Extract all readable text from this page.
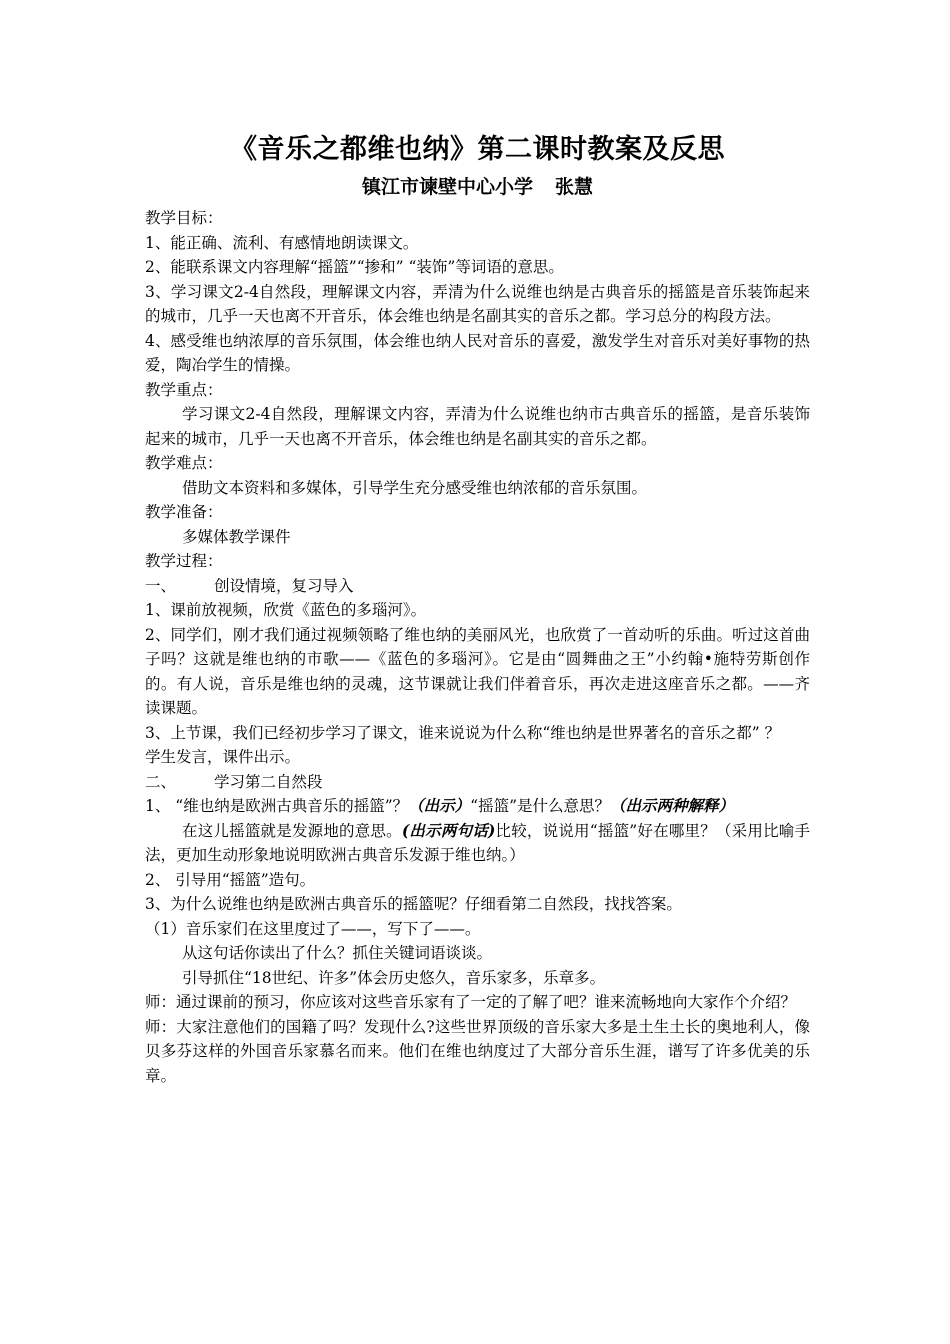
《音乐之都维也纳》第二课时教案及反思
镇江市谏壁中心小学 张慧

教学目标：

1、能正确、流利、有感情地朗读课文。

2、能联系课文内容理解“摇篮”“掺和” “装饰”等词语的意思。

3、学习课文2-4自然段，理解课文内容，弄清为什么说维也纳是古典音乐的摇篮是音乐装饰起来的城市，几乎一天也离不开音乐，体会维也纳是名副其实的音乐之都。学习总分的构段方法。

4、感受维也纳浓厚的音乐氛围，体会维也纳人民对音乐的喜爱，激发学生对音乐对美好事物的热爱，陶冶学生的情操。

教学重点：

学习课文2-4自然段，理解课文内容，弄清为什么说维也纳市古典音乐的摇篮，是音乐装饰起来的城市，几乎一天也离不开音乐，体会维也纳是名副其实的音乐之都。

教学难点：

借助文本资料和多媒体，引导学生充分感受维也纳浓郁的音乐氛围。

教学准备：

多媒体教学课件

教学过程：

一、 创设情境，复习导入

1、课前放视频，欣赏《蓝色的多瑙河》。

2、同学们，刚才我们通过视频领略了维也纳的美丽风光，也欣赏了一首动听的乐曲。听过这首曲子吗？这就是维也纳的市歌——《蓝色的多瑙河》。它是由“圆舞曲之王”小约翰•施特劳斯创作的。有人说，音乐是维也纳的灵魂，这节课就让我们伴着音乐，再次走进这座音乐之都。——齐读课题。

3、上节课，我们已经初步学习了课文，谁来说说为什么称“维也纳是世界著名的音乐之都” ？

学生发言，课件出示。

二、 学习第二自然段

1、 “维也纳是欧洲古典音乐的摇篮”？（出示）“摇篮”是什么意思？（出示两种解释）

在这儿摇篮就是发源地的意思。(出示两句话)比较，说说用“摇篮”好在哪里？（采用比喻手法，更加生动形象地说明欧洲古典音乐发源于维也纳。）

2、 引导用“摇篮”造句。

3、为什么说维也纳是欧洲古典音乐的摇篮呢？仔细看第二自然段，找找答案。

（1）音乐家们在这里度过了——，写下了——。

从这句话你读出了什么？抓住关键词语谈谈。

引导抓住“18世纪、许多”体会历史悠久，音乐家多，乐章多。

师：通过课前的预习，你应该对这些音乐家有了一定的了解了吧？谁来流畅地向大家作个介绍？

师：大家注意他们的国籍了吗？发现什么?这些世界顶级的音乐家大多是土生土长的奥地利人，像贝多芬这样的外国音乐家慕名而来。他们在维也纳度过了大部分音乐生涯，谱写了许多优美的乐章。
